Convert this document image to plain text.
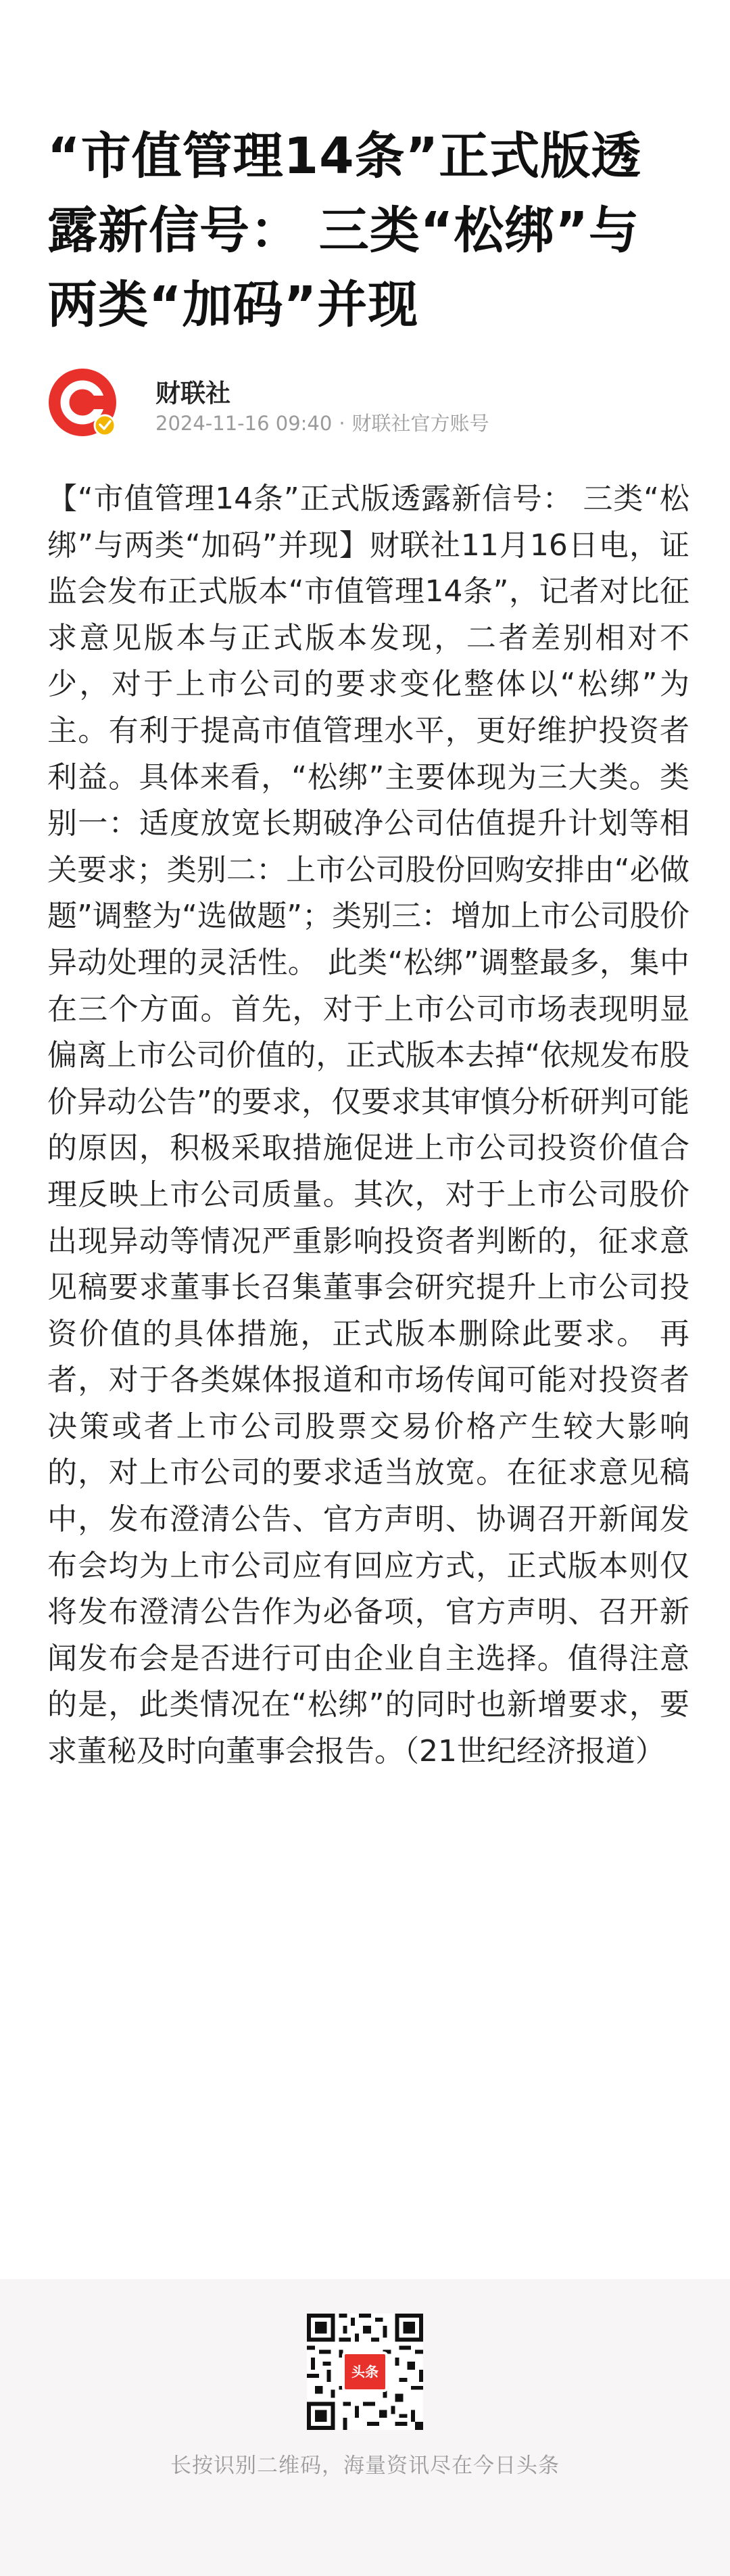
“市值管理14条”正式版透露新信号： 三类“松绑”与两类“加码”并现
财联社
2024-11-16 09:40 · 财联社官方账号

【“市值管理14条”正式版透露新信号： 三类“松绑”与两类“加码”并现】财联社11月16日电，证监会发布正式版本“市值管理14条”，记者对比征求意见版本与正式版本发现，二者差别相对不少，对于上市公司的要求变化整体以“松绑”为主。有利于提高市值管理水平，更好维护投资者利益。具体来看，“松绑”主要体现为三大类。类别一：适度放宽长期破净公司估值提升计划等相关要求；类别二：上市公司股份回购安排由“必做题”调整为“选做题”；类别三：增加上市公司股价异动处理的灵活性。 此类“松绑”调整最多，集中在三个方面。首先，对于上市公司市场表现明显偏离上市公司价值的，正式版本去掉“依规发布股价异动公告”的要求，仅要求其审慎分析研判可能的原因，积极采取措施促进上市公司投资价值合理反映上市公司质量。其次，对于上市公司股价出现异动等情况严重影响投资者判断的，征求意见稿要求董事长召集董事会研究提升上市公司投资价值的具体措施，正式版本删除此要求。 再者，对于各类媒体报道和市场传闻可能对投资者决策或者上市公司股票交易价格产生较大影响的，对上市公司的要求适当放宽。在征求意见稿中，发布澄清公告、官方声明、协调召开新闻发布会均为上市公司应有回应方式，正式版本则仅将发布澄清公告作为必备项，官方声明、召开新闻发布会是否进行可由企业自主选择。值得注意的是，此类情况在“松绑”的同时也新增要求，要求董秘及时向董事会报告。（21世纪经济报道）

头条
长按识别二维码，海量资讯尽在今日头条
